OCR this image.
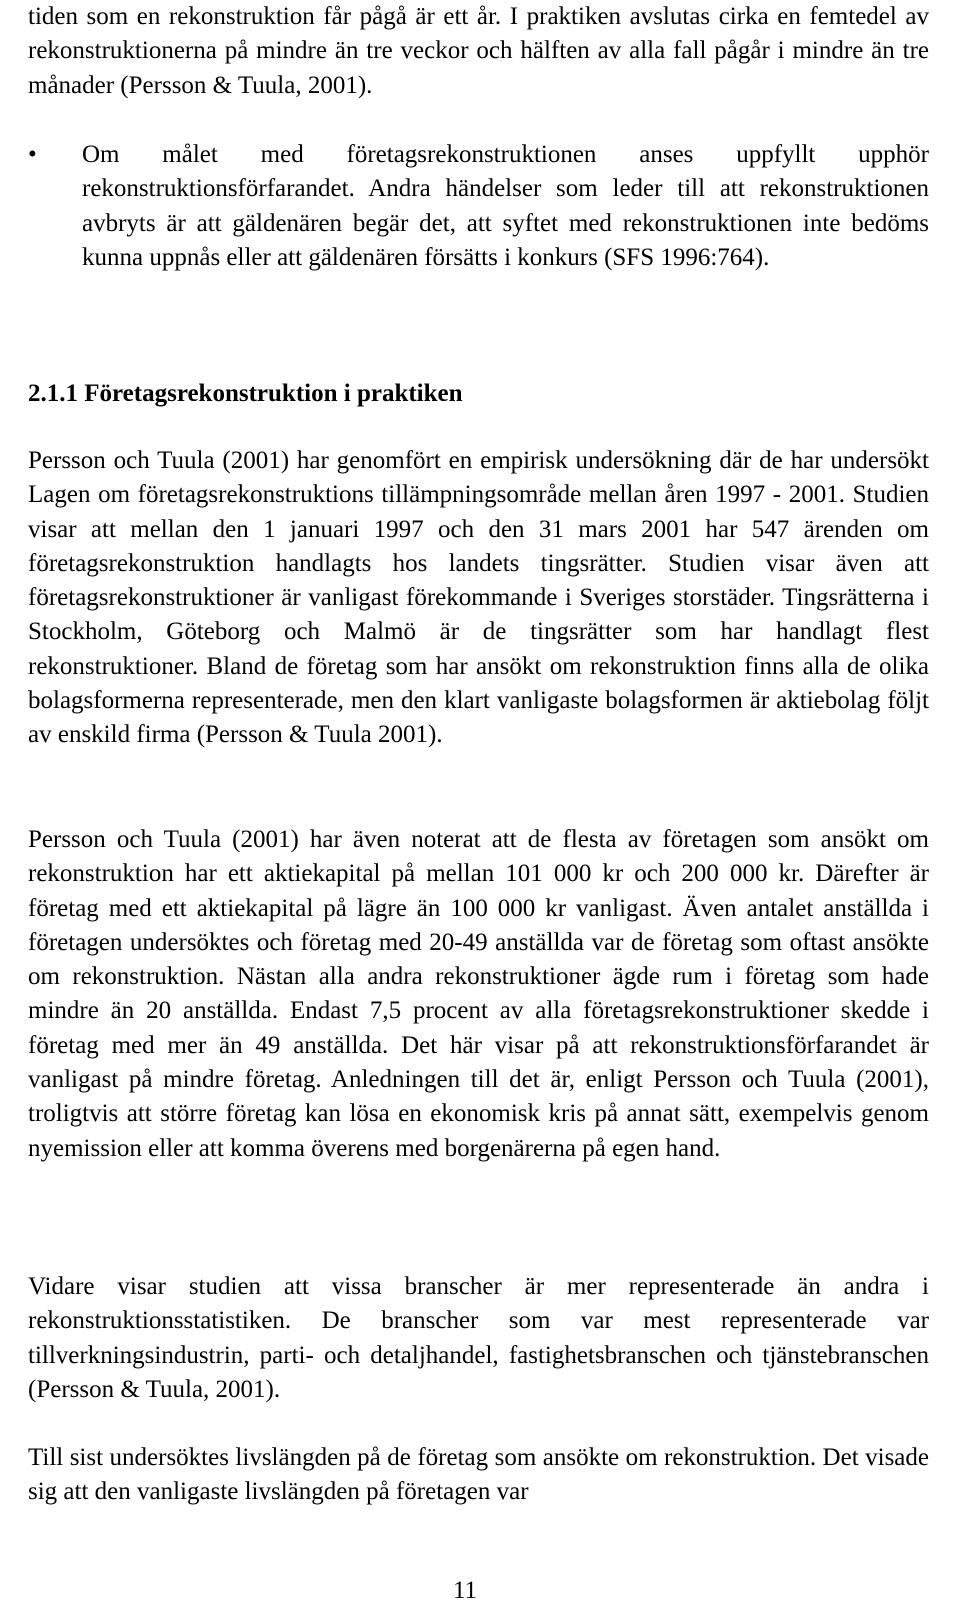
tiden som en rekonstruktion får pågå är ett år. I praktiken avslutas cirka en femtedel av rekonstruktionerna på mindre än tre veckor och hälften av alla fall pågår i mindre än tre månader (Persson & Tuula, 2001).

• Om målet med företagsrekonstruktionen anses uppfyllt upphör rekonstruktionsförfarandet. Andra händelser som leder till att rekonstruktionen avbryts är att gäldenären begär det, att syftet med rekonstruktionen inte bedöms kunna uppnås eller att gäldenären försätts i konkurs (SFS 1996:764).

2.1.1 Företagsrekonstruktion i praktiken

Persson och Tuula (2001) har genomfört en empirisk undersökning där de har undersökt Lagen om företagsrekonstruktions tillämpningsområde mellan åren 1997 - 2001. Studien visar att mellan den 1 januari 1997 och den 31 mars 2001 har 547 ärenden om företagsrekonstruktion handlagts hos landets tingsrätter. Studien visar även att företagsrekonstruktioner är vanligast förekommande i Sveriges storstäder. Tingsrätterna i Stockholm, Göteborg och Malmö är de tingsrätter som har handlagt flest rekonstruktioner. Bland de företag som har ansökt om rekonstruktion finns alla de olika bolagsformerna representerade, men den klart vanligaste bolagsformen är aktiebolag följt av enskild firma (Persson & Tuula 2001).

Persson och Tuula (2001) har även noterat att de flesta av företagen som ansökt om rekonstruktion har ett aktiekapital på mellan 101 000 kr och 200 000 kr. Därefter är företag med ett aktiekapital på lägre än 100 000 kr vanligast. Även antalet anställda i företagen undersöktes och företag med 20-49 anställda var de företag som oftast ansökte om rekonstruktion. Nästan alla andra rekonstruktioner ägde rum i företag som hade mindre än 20 anställda. Endast 7,5 procent av alla företagsrekonstruktioner skedde i företag med mer än 49 anställda. Det här visar på att rekonstruktionsförfarandet är vanligast på mindre företag. Anledningen till det är, enligt Persson och Tuula (2001), troligtvis att större företag kan lösa en ekonomisk kris på annat sätt, exempelvis genom nyemission eller att komma överens med borgenärerna på egen hand.

Vidare visar studien att vissa branscher är mer representerade än andra i rekonstruktionsstatistiken. De branscher som var mest representerade var tillverkningsindustrin, parti- och detaljhandel, fastighetsbranschen och tjänstebranschen (Persson & Tuula, 2001).

Till sist undersöktes livslängden på de företag som ansökte om rekonstruktion. Det visade sig att den vanligaste livslängden på företagen var

11
